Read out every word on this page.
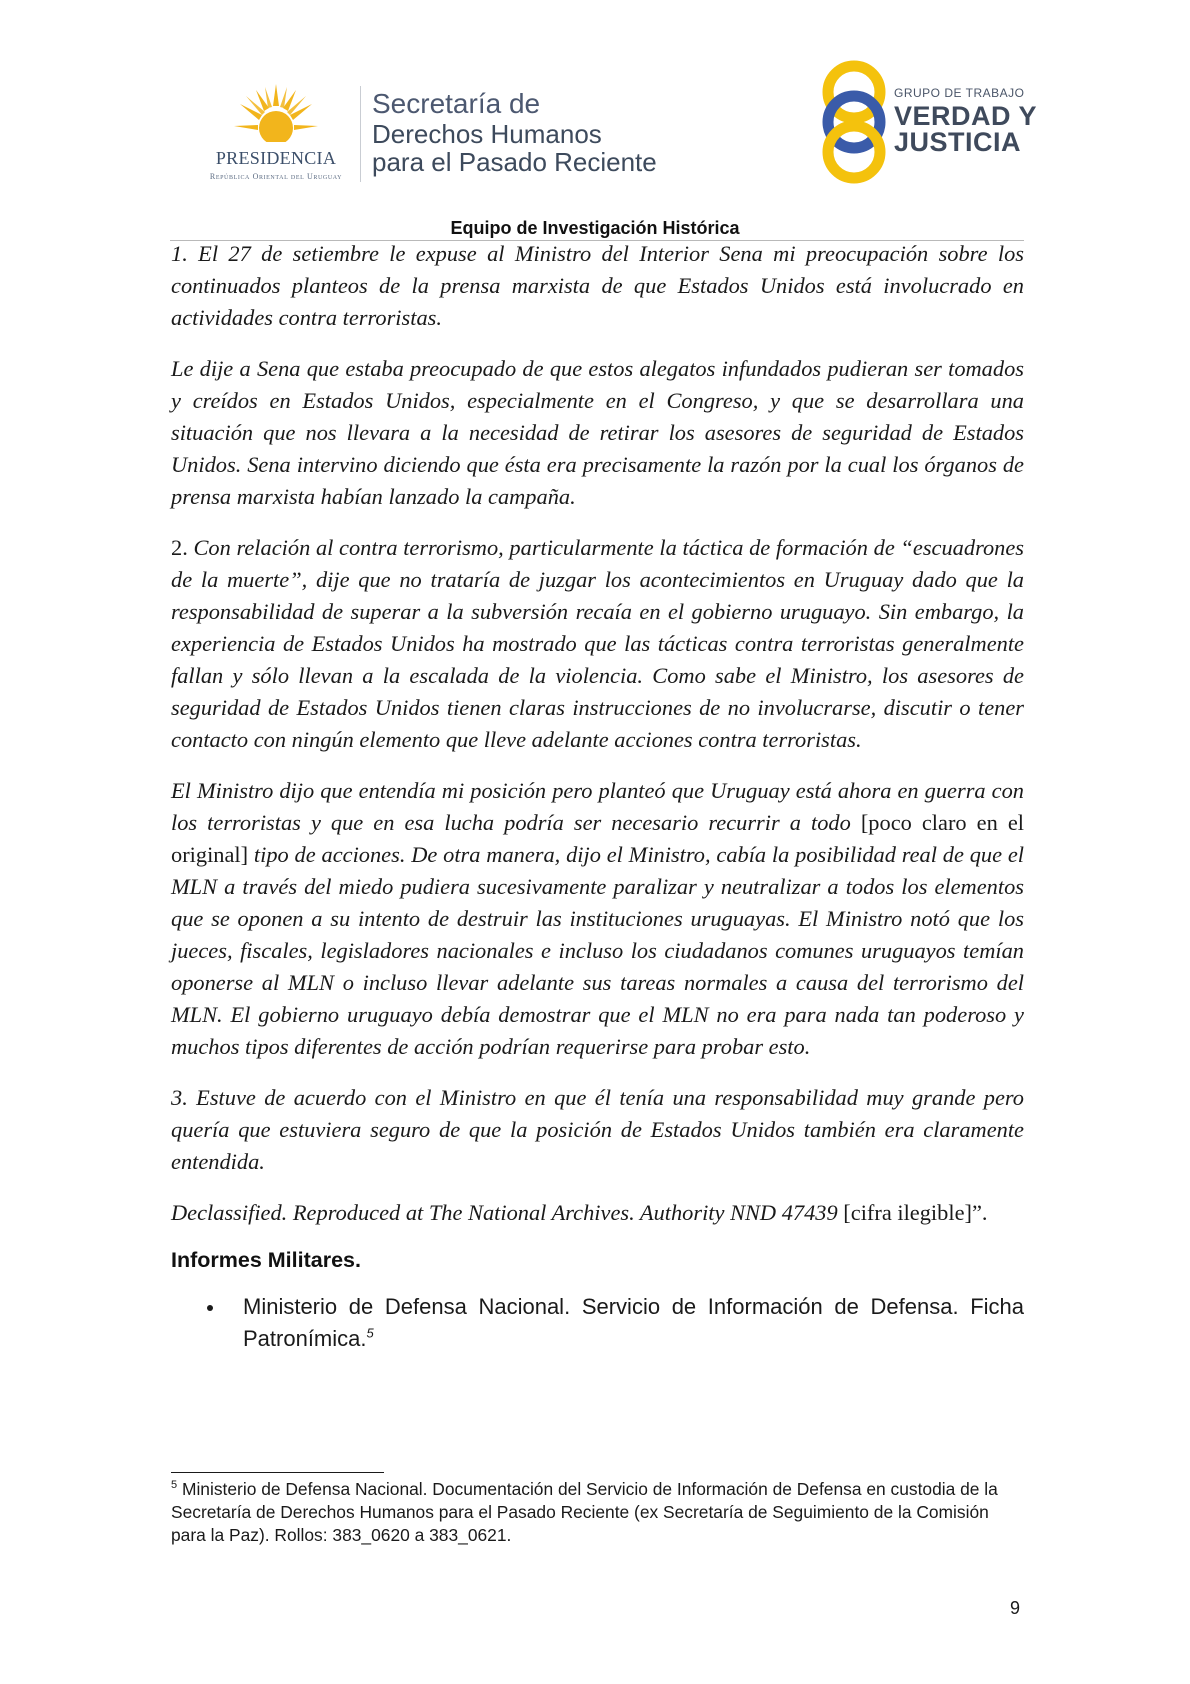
PRESIDENCIA
República Oriental del Uruguay
Secretaría de
Derechos Humanos
para el Pasado Reciente
GRUPO DE TRABAJO
VERDAD Y
JUSTICIA
Equipo de Investigación Histórica

1. El 27 de setiembre le expuse al Ministro del Interior Sena mi preocupación sobre los continuados planteos de la prensa marxista de que Estados Unidos está involucrado en actividades contra terroristas.

Le dije a Sena que estaba preocupado de que estos alegatos infundados pudieran ser tomados y creídos en Estados Unidos, especialmente en el Congreso, y que se desarrollara una situación que nos llevara a la necesidad de retirar los asesores de seguridad de Estados Unidos. Sena intervino diciendo que ésta era precisamente la razón por la cual los órganos de prensa marxista habían lanzado la campaña.

2. Con relación al contra terrorismo, particularmente la táctica de formación de “escuadrones de la muerte”, dije que no trataría de juzgar los acontecimientos en Uruguay dado que la responsabilidad de superar a la subversión recaía en el gobierno uruguayo. Sin embargo, la experiencia de Estados Unidos ha mostrado que las tácticas contra terroristas generalmente fallan y sólo llevan a la escalada de la violencia. Como sabe el Ministro, los asesores de seguridad de Estados Unidos tienen claras instrucciones de no involucrarse, discutir o tener contacto con ningún elemento que lleve adelante acciones contra terroristas.

El Ministro dijo que entendía mi posición pero planteó que Uruguay está ahora en guerra con los terroristas y que en esa lucha podría ser necesario recurrir a todo [poco claro en el original] tipo de acciones. De otra manera, dijo el Ministro, cabía la posibilidad real de que el MLN a través del miedo pudiera sucesivamente paralizar y neutralizar a todos los elementos que se oponen a su intento de destruir las instituciones uruguayas. El Ministro notó que los jueces, fiscales, legisladores nacionales e incluso los ciudadanos comunes uruguayos temían oponerse al MLN o incluso llevar adelante sus tareas normales a causa del terrorismo del MLN. El gobierno uruguayo debía demostrar que el MLN no era para nada tan poderoso y muchos tipos diferentes de acción podrían requerirse para probar esto.

3. Estuve de acuerdo con el Ministro en que él tenía una responsabilidad muy grande pero quería que estuviera seguro de que la posición de Estados Unidos también era claramente entendida.

Declassified. Reproduced at The National Archives. Authority NND 47439 [cifra ilegible]”.

Informes Militares.
Ministerio de Defensa Nacional. Servicio de Información de Defensa. Ficha Patronímica.$^5$
$^5$ Ministerio de Defensa Nacional. Documentación del Servicio de Información de Defensa en custodia de la Secretaría de Derechos Humanos para el Pasado Reciente (ex Secretaría de Seguimiento de la Comisión para la Paz). Rollos: 383_0620 a 383_0621.
9
